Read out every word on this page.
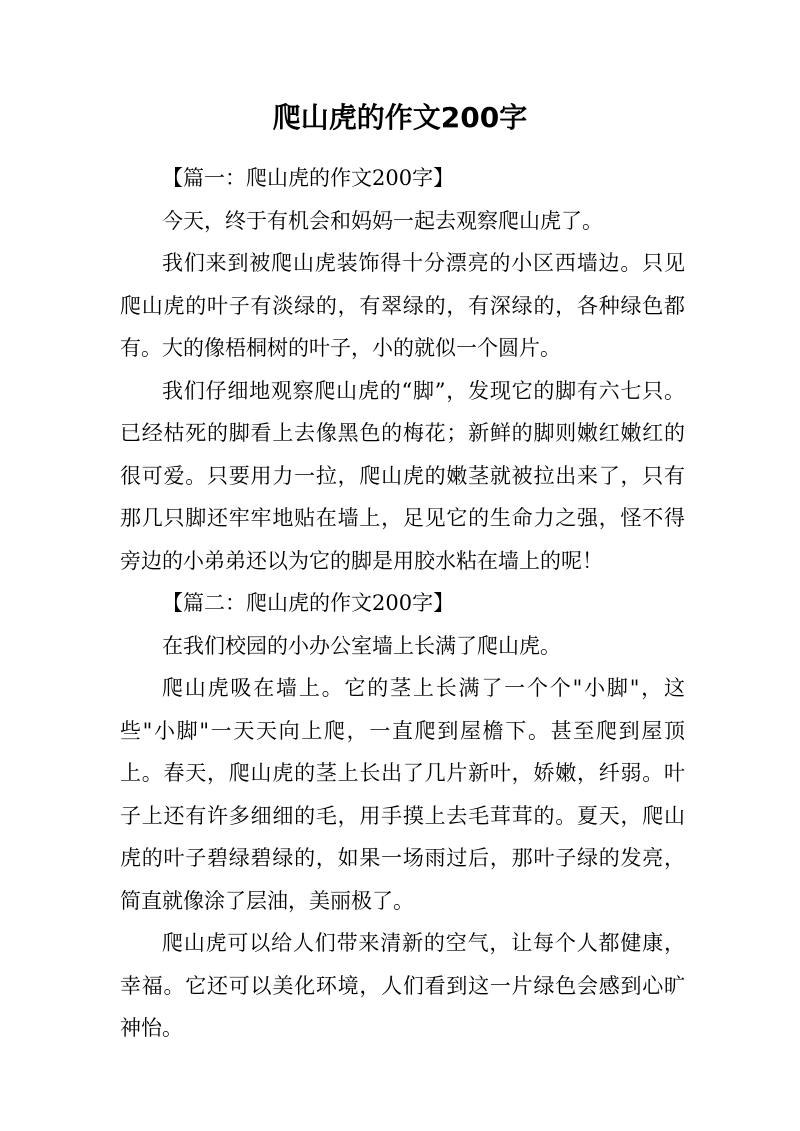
爬山虎的作文200字

【篇一：爬山虎的作文200字】

今天，终于有机会和妈妈一起去观察爬山虎了。

我们来到被爬山虎装饰得十分漂亮的小区西墙边。只见爬山虎的叶子有淡绿的，有翠绿的，有深绿的，各种绿色都有。大的像梧桐树的叶子，小的就似一个圆片。

我们仔细地观察爬山虎的“脚”，发现它的脚有六七只。已经枯死的脚看上去像黑色的梅花；新鲜的脚则嫩红嫩红的很可爱。只要用力一拉，爬山虎的嫩茎就被拉出来了，只有那几只脚还牢牢地贴在墙上，足见它的生命力之强，怪不得旁边的小弟弟还以为它的脚是用胶水粘在墙上的呢！

【篇二：爬山虎的作文200字】

在我们校园的小办公室墙上长满了爬山虎。

爬山虎吸在墙上。它的茎上长满了一个个"小脚"，这些"小脚"一天天向上爬，一直爬到屋檐下。甚至爬到屋顶上。春天，爬山虎的茎上长出了几片新叶，娇嫩，纤弱。叶子上还有许多细细的毛，用手摸上去毛茸茸的。夏天，爬山虎的叶子碧绿碧绿的，如果一场雨过后，那叶子绿的发亮，简直就像涂了层油，美丽极了。

爬山虎可以给人们带来清新的空气，让每个人都健康，幸福。它还可以美化环境，人们看到这一片绿色会感到心旷神怡。
